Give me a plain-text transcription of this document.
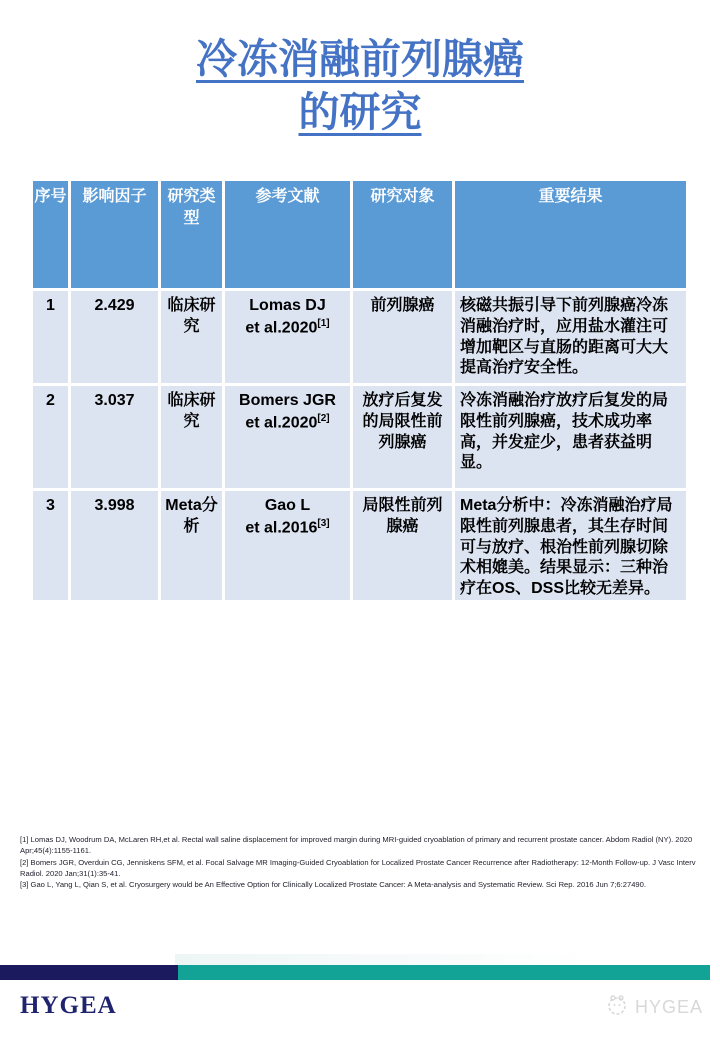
冷冻消融前列腺癌
的研究
序号	影响因子	研究类型	参考文献	研究对象	重要结果
1	2.429	临床研究	Lomas DJ
et al.2020[1]	前列腺癌	核磁共振引导下前列腺癌冷冻消融治疗时，应用盐水灌注可增加靶区与直肠的距离可大大提高治疗安全性。
2	3.037	临床研究	Bomers JGR
et al.2020[2]	放疗后复发的局限性前列腺癌	冷冻消融治疗放疗后复发的局限性前列腺癌，技术成功率高，并发症少，患者获益明显。
3	3.998	Meta分析	Gao L
et al.2016[3]	局限性前列腺癌	Meta分析中：冷冻消融治疗局限性前列腺患者，其生存时间可与放疗、根治性前列腺切除术相媲美。结果显示：三种治疗在OS、DSS比较无差异。
[1] Lomas DJ, Woodrum DA, McLaren RH,et al. Rectal wall saline displacement for improved margin during MRI-guided cryoablation of primary and recurrent prostate cancer. Abdom Radiol (NY). 2020 Apr;45(4):1155-1161.
[2] Bomers JGR, Overduin CG, Jenniskens SFM, et al. Focal Salvage MR Imaging-Guided Cryoablation for Localized Prostate Cancer Recurrence after Radiotherapy: 12-Month Follow-up. J Vasc Interv Radiol. 2020 Jan;31(1):35-41.
[3] Gao L, Yang L, Qian S, et al. Cryosurgery would be An Effective Option for Clinically Localized Prostate Cancer: A Meta-analysis and Systematic Review. Sci Rep. 2016 Jun 7;6:27490.
HYGEA	HYGEA
